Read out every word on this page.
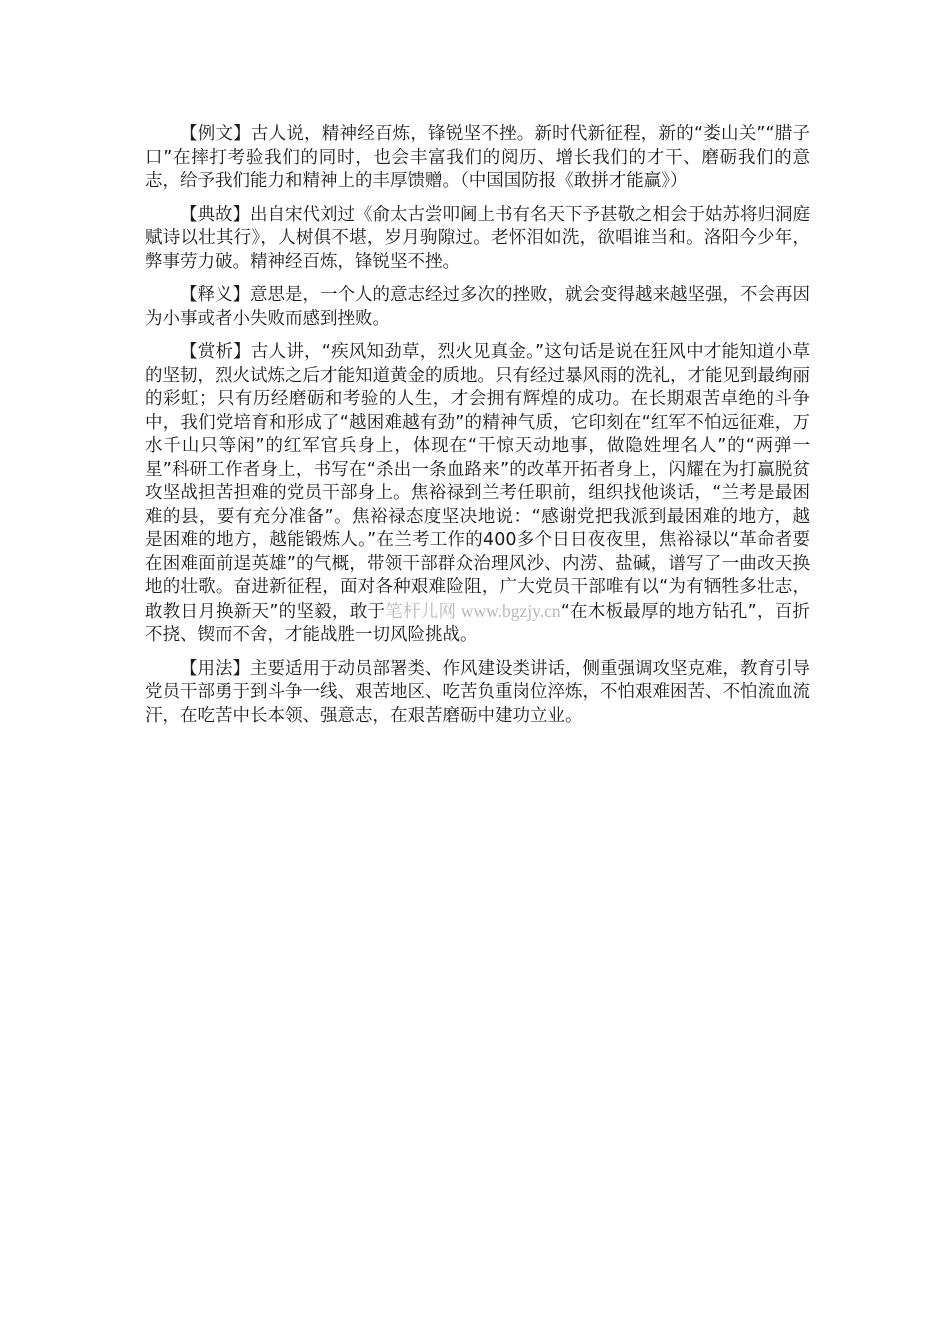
【例文】古人说，精神经百炼，锋锐坚不挫。新时代新征程，新的“娄山关”“腊子口”在摔打考验我们的同时，也会丰富我们的阅历、增长我们的才干、磨砺我们的意志，给予我们能力和精神上的丰厚馈赠。（中国国防报《敢拼才能赢》）

【典故】出自宋代刘过《俞太古尝叩阃上书有名天下予甚敬之相会于姑苏将归洞庭赋诗以壮其行》，人树俱不堪，岁月驹隙过。老怀泪如洗，欲唱谁当和。洛阳今少年，弊事劳力破。精神经百炼，锋锐坚不挫。

【释义】意思是，一个人的意志经过多次的挫败，就会变得越来越坚强，不会再因为小事或者小失败而感到挫败。

【赏析】古人讲，“疾风知劲草，烈火见真金。”这句话是说在狂风中才能知道小草的坚韧，烈火试炼之后才能知道黄金的质地。只有经过暴风雨的洗礼，才能见到最绚丽的彩虹；只有历经磨砺和考验的人生，才会拥有辉煌的成功。在长期艰苦卓绝的斗争中，我们党培育和形成了“越困难越有劲”的精神气质，它印刻在“红军不怕远征难，万水千山只等闲”的红军官兵身上，体现在“干惊天动地事，做隐姓埋名人”的“两弹一星”科研工作者身上，书写在“杀出一条血路来”的改革开拓者身上，闪耀在为打赢脱贫攻坚战担苦担难的党员干部身上。焦裕禄到兰考任职前，组织找他谈话，“兰考是最困难的县，要有充分准备”。焦裕禄态度坚决地说：“感谢党把我派到最困难的地方，越是困难的地方，越能锻炼人。”在兰考工作的400多个日日夜夜里，焦裕禄以“革命者要在困难面前逞英雄”的气概，带领干部群众治理风沙、内涝、盐碱，谱写了一曲改天换地的壮歌。奋进新征程，面对各种艰难险阻，广大党员干部唯有以“为有牺牲多壮志，敢教日月换新天”的坚毅，敢于笔杆儿网 www.bgzjy.cn“在木板最厚的地方钻孔”，百折不挠、锲而不舍，才能战胜一切风险挑战。

【用法】主要适用于动员部署类、作风建设类讲话，侧重强调攻坚克难，教育引导党员干部勇于到斗争一线、艰苦地区、吃苦负重岗位淬炼，不怕艰难困苦、不怕流血流汗，在吃苦中长本领、强意志，在艰苦磨砺中建功立业。
